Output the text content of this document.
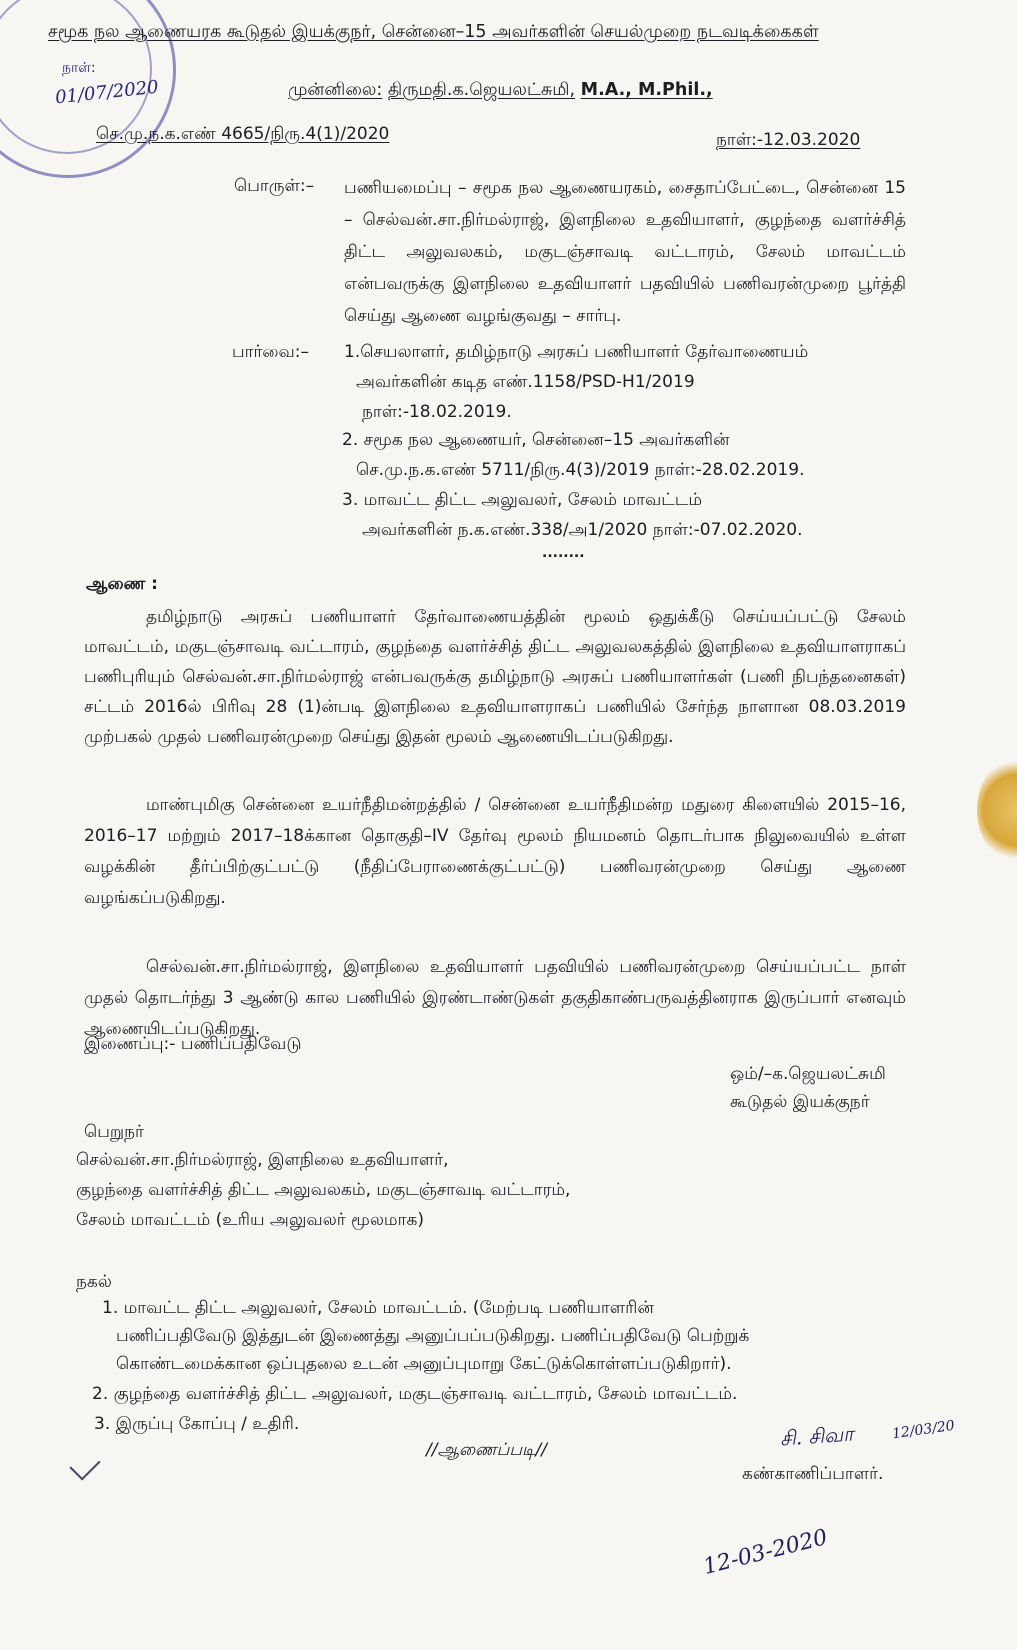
நாள்:
01/07/2020
சமூக நல ஆணையரக கூடுதல் இயக்குநர், சென்னை–15 அவர்களின் செயல்முறை நடவடிக்கைகள்
முன்னிலை: திருமதி.க.ஜெயலட்சுமி, M.A., M.Phil.,
செ.மு.ந.க.எண் 4665/நிரு.4(1)/2020	நாள்:-12.03.2020
பொருள்:– பணியமைப்பு – சமூக நல ஆணையரகம், சைதாப்பேட்டை, சென்னை 15 – செல்வன்.சா.நிர்மல்ராஜ், இளநிலை உதவியாளர், குழந்தை வளர்ச்சித் திட்ட அலுவலகம், மகுடஞ்சாவடி வட்டாரம், சேலம் மாவட்டம் என்பவருக்கு இளநிலை உதவியாளர் பதவியில் பணிவரன்முறை பூர்த்தி செய்து ஆணை வழங்குவது – சார்பு.
பார்வை:– 1.செயலாளர், தமிழ்நாடு அரசுப் பணியாளர் தேர்வாணையம்
அவர்களின் கடித எண்.1158/PSD-H1/2019
நாள்:-18.02.2019.
2. சமூக நல ஆணையர், சென்னை–15 அவர்களின்
செ.மு.ந.க.எண் 5711/நிரு.4(3)/2019 நாள்:-28.02.2019.
3. மாவட்ட திட்ட அலுவலர், சேலம் மாவட்டம்
அவர்களின் ந.க.எண்.338/அ1/2020 நாள்:-07.02.2020.
........
ஆணை :
தமிழ்நாடு அரசுப் பணியாளர் தேர்வாணையத்தின் மூலம் ஒதுக்கீடு செய்யப்பட்டு சேலம் மாவட்டம், மகுடஞ்சாவடி வட்டாரம், குழந்தை வளர்ச்சித் திட்ட அலுவலகத்தில் இளநிலை உதவியாளராகப் பணிபுரியும் செல்வன்.சா.நிர்மல்ராஜ் என்பவருக்கு தமிழ்நாடு அரசுப் பணியாளர்கள் (பணி நிபந்தனைகள்) சட்டம் 2016ல் பிரிவு 28 (1)ன்படி இளநிலை உதவியாளராகப் பணியில் சேர்ந்த நாளான 08.03.2019 முற்பகல் முதல் பணிவரன்முறை செய்து இதன் மூலம் ஆணையிடப்படுகிறது.
மாண்புமிகு சென்னை உயர்நீதிமன்றத்தில் / சென்னை உயர்நீதிமன்ற மதுரை கிளையில் 2015–16, 2016–17 மற்றும் 2017–18க்கான தொகுதி–IV தேர்வு மூலம் நியமனம் தொடர்பாக நிலுவையில் உள்ள வழக்கின் தீர்ப்பிற்குட்பட்டு (நீதிப்பேராணைக்குட்பட்டு) பணிவரன்முறை செய்து ஆணை வழங்கப்படுகிறது.
செல்வன்.சா.நிர்மல்ராஜ், இளநிலை உதவியாளர் பதவியில் பணிவரன்முறை செய்யப்பட்ட நாள் முதல் தொடர்ந்து 3 ஆண்டு கால பணியில் இரண்டாண்டுகள் தகுதிகாண்பருவத்தினராக இருப்பார் எனவும் ஆணையிடப்படுகிறது.
இணைப்பு:- பணிப்பதிவேடு
ஒம்/–க.ஜெயலட்சுமி
கூடுதல் இயக்குநர்
பெறுநர்
செல்வன்.சா.நிர்மல்ராஜ், இளநிலை உதவியாளர்,
குழந்தை வளர்ச்சித் திட்ட அலுவலகம், மகுடஞ்சாவடி வட்டாரம்,
சேலம் மாவட்டம் (உரிய அலுவலர் மூலமாக)
நகல்
1. மாவட்ட திட்ட அலுவலர், சேலம் மாவட்டம். (மேற்படி பணியாளரின்
பணிப்பதிவேடு இத்துடன் இணைத்து அனுப்பப்படுகிறது. பணிப்பதிவேடு பெற்றுக்
கொண்டமைக்கான ஒப்புதலை உடன் அனுப்புமாறு கேட்டுக்கொள்ளப்படுகிறார்).
2. குழந்தை வளர்ச்சித் திட்ட அலுவலர், மகுடஞ்சாவடி வட்டாரம், சேலம் மாவட்டம்.
3. இருப்பு கோப்பு / உதிரி.
//ஆணைப்படி//	சி. சிவா	12/03/20
கண்காணிப்பாளர்.
12-03-2020
